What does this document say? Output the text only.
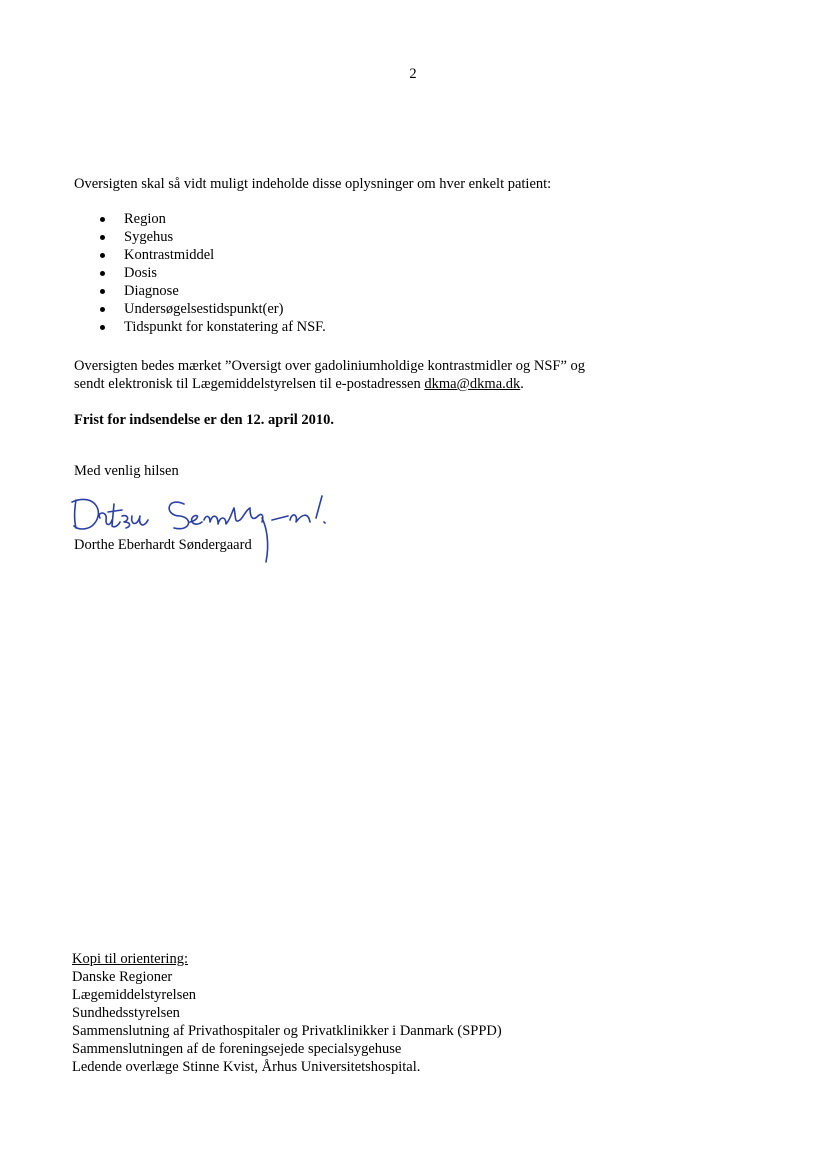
2
Oversigten skal så vidt muligt indeholde disse oplysninger om hver enkelt patient:
Region
Sygehus
Kontrastmiddel
Dosis
Diagnose
Undersøgelsestidspunkt(er)
Tidspunkt for konstatering af NSF.
Oversigten bedes mærket ”Oversigt over gadoliniumholdige kontrastmidler og NSF” og
sendt elektronisk til Lægemiddelstyrelsen til e-postadressen dkma@dkma.dk.
Frist for indsendelse er den 12. april 2010.
Med venlig hilsen
Dorthe Eberhardt Søndergaard
Kopi til orientering:
Danske Regioner
Lægemiddelstyrelsen
Sundhedsstyrelsen
Sammenslutning af Privathospitaler og Privatklinikker i Danmark (SPPD)
Sammenslutningen af de foreningsejede specialsygehuse
Ledende overlæge Stinne Kvist, Århus Universitetshospital.
